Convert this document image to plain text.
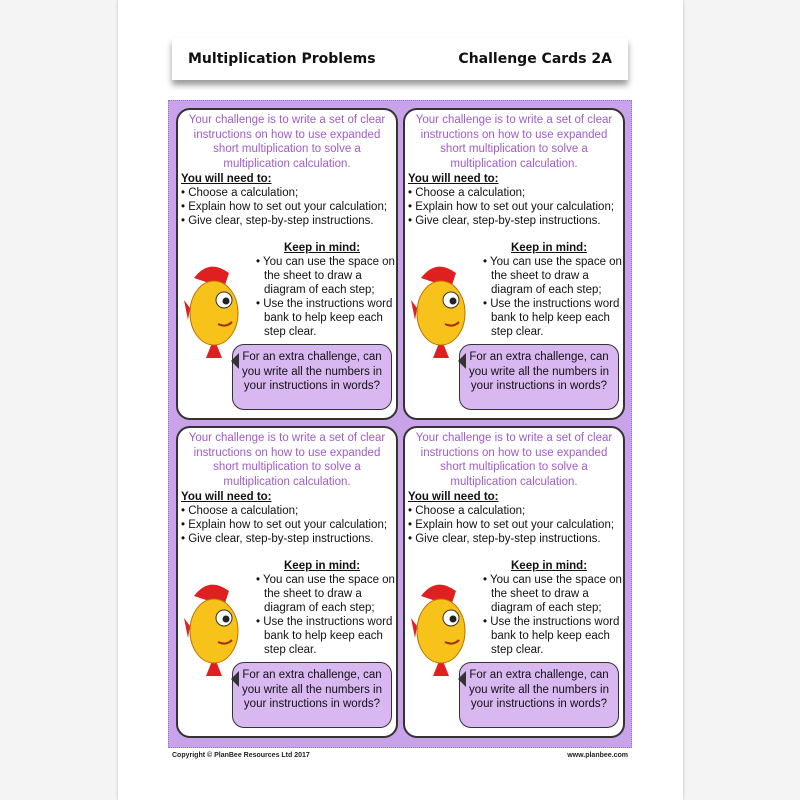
Multiplication Problems	Challenge Cards 2A
Copyright © PlanBee Resources Ltd 2017	www.planbee.com
Your challenge is to write a set of clear instructions on how to use expanded short multiplication to solve a multiplication calculation.
You will need to:
• Choose a calculation;
• Explain how to set out your calculation;
• Give clear, step-by-step instructions.
Keep in mind:
• You can use the space on the sheet to draw a diagram of each step;
• Use the instructions word bank to help keep each step clear.
For an extra challenge, can you write all the numbers in your instructions in words?
Your challenge is to write a set of clear instructions on how to use expanded short multiplication to solve a multiplication calculation.
You will need to:
• Choose a calculation;
• Explain how to set out your calculation;
• Give clear, step-by-step instructions.
Keep in mind:
• You can use the space on the sheet to draw a diagram of each step;
• Use the instructions word bank to help keep each step clear.
For an extra challenge, can you write all the numbers in your instructions in words?
Your challenge is to write a set of clear instructions on how to use expanded short multiplication to solve a multiplication calculation.
You will need to:
• Choose a calculation;
• Explain how to set out your calculation;
• Give clear, step-by-step instructions.
Keep in mind:
• You can use the space on the sheet to draw a diagram of each step;
• Use the instructions word bank to help keep each step clear.
For an extra challenge, can you write all the numbers in your instructions in words?
Your challenge is to write a set of clear instructions on how to use expanded short multiplication to solve a multiplication calculation.
You will need to:
• Choose a calculation;
• Explain how to set out your calculation;
• Give clear, step-by-step instructions.
Keep in mind:
• You can use the space on the sheet to draw a diagram of each step;
• Use the instructions word bank to help keep each step clear.
For an extra challenge, can you write all the numbers in your instructions in words?
